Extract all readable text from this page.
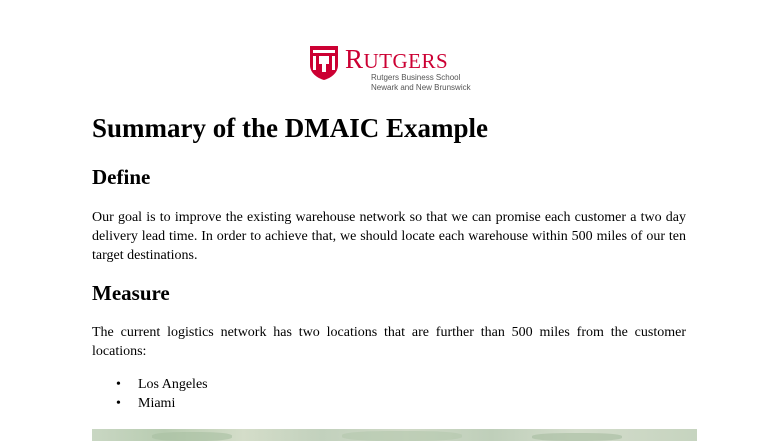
RUTGERS
Rutgers Business School
Newark and New Brunswick
Summary of the DMAIC Example
Define

Our goal is to improve the existing warehouse network so that we can promise each customer a two day delivery lead time. In order to achieve that, we should locate each warehouse within 500 miles of our ten target destinations.

Measure

The current logistics network has two locations that are further than 500 miles from the customer locations:

• Los Angeles
• Miami
